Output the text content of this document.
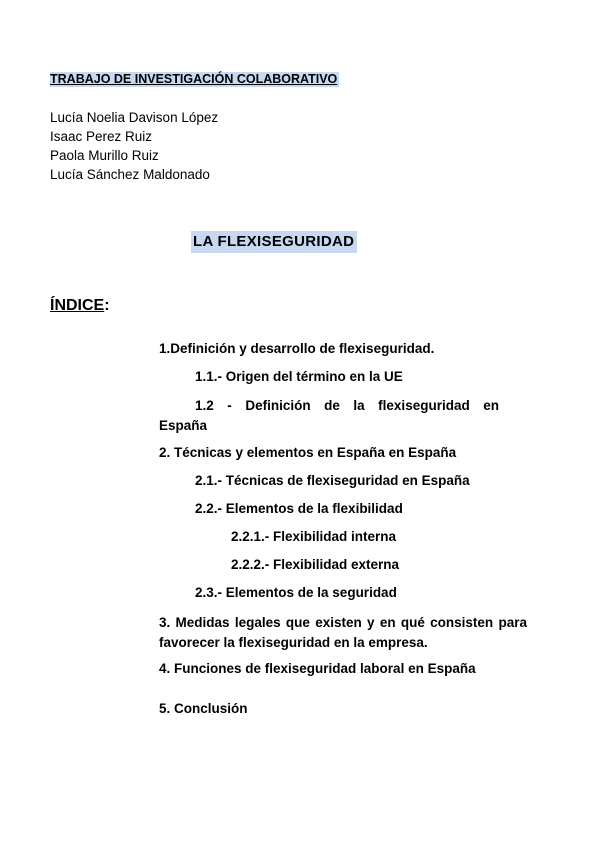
TRABAJO DE INVESTIGACIÓN COLABORATIVO
Lucía Noelia Davison López
Isaac Perez Ruiz
Paola Murillo Ruiz
Lucía Sánchez Maldonado
LA FLEXISEGURIDAD
ÍNDICE:
1.Definición y desarrollo de flexiseguridad.
1.1.- Origen del término en la UE
1.2 - Definición de la flexiseguridad en España
2. Técnicas y elementos en España en España
2.1.- Técnicas de flexiseguridad en España
2.2.- Elementos de la flexibilidad
2.2.1.- Flexibilidad interna
2.2.2.- Flexibilidad externa
2.3.- Elementos de la seguridad
3. Medidas legales que existen y en qué consisten para favorecer la flexiseguridad en la empresa.
4. Funciones de flexiseguridad laboral en España
5. Conclusión
